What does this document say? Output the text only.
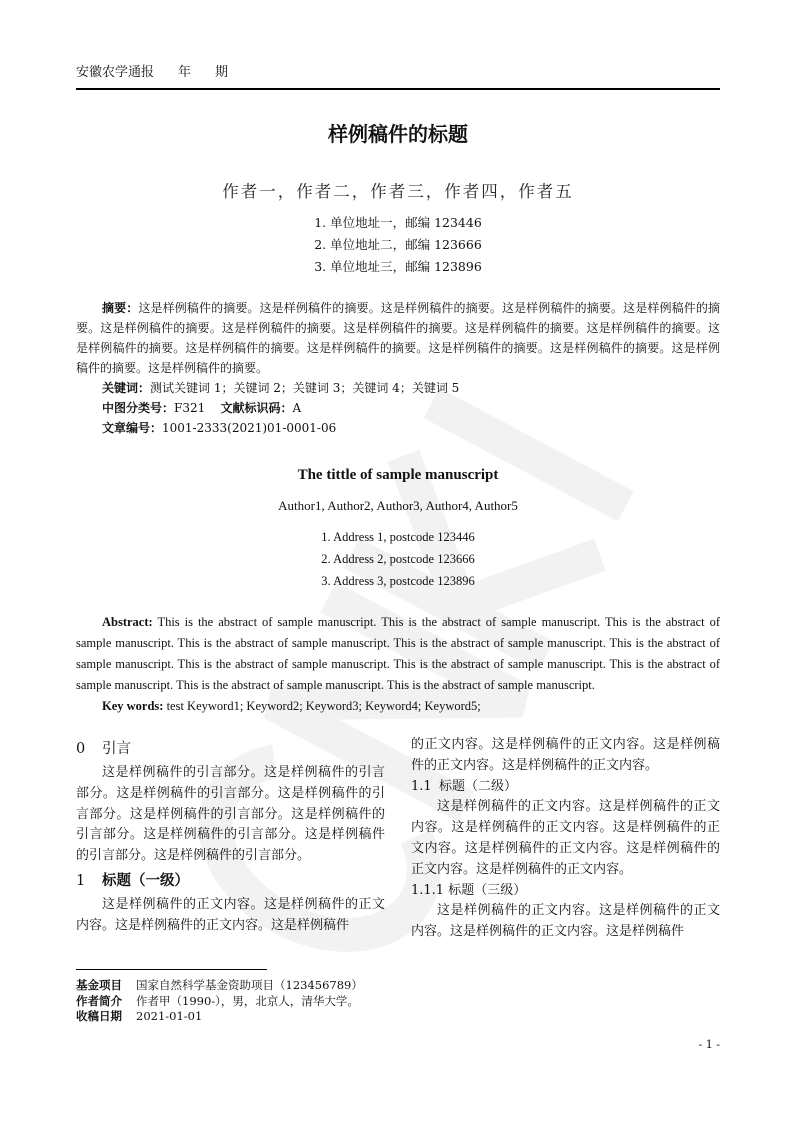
安徽农学通报 年 期
样例稿件的标题
作者一，作者二，作者三，作者四，作者五
1. 单位地址一，邮编 123446
2. 单位地址二，邮编 123666
3. 单位地址三，邮编 123896

摘要：这是样例稿件的摘要。这是样例稿件的摘要。这是样例稿件的摘要。这是样例稿件的摘要。这是样例稿件的摘要。这是样例稿件的摘要。这是样例稿件的摘要。这是样例稿件的摘要。这是样例稿件的摘要。这是样例稿件的摘要。这是样例稿件的摘要。这是样例稿件的摘要。这是样例稿件的摘要。这是样例稿件的摘要。这是样例稿件的摘要。这是样例稿件的摘要。这是样例稿件的摘要。

关键词：测试关键词 1；关键词 2；关键词 3；关键词 4；关键词 5

中图分类号：F321 文献标识码：A

文章编号：1001-2333(2021)01-0001-06

The tittle of sample manuscript
Author1, Author2, Author3, Author4, Author5
1. Address 1, postcode 123446
2. Address 2, postcode 123666
3. Address 3, postcode 123896

Abstract: This is the abstract of sample manuscript. This is the abstract of sample manuscript. This is the abstract of sample manuscript. This is the abstract of sample manuscript. This is the abstract of sample manuscript. This is the abstract of sample manuscript. This is the abstract of sample manuscript. This is the abstract of sample manuscript. This is the abstract of sample manuscript. This is the abstract of sample manuscript. This is the abstract of sample manuscript.

Key words: test Keyword1; Keyword2; Keyword3; Keyword4; Keyword5;

0 引言

这是样例稿件的引言部分。这是样例稿件的引言部分。这是样例稿件的引言部分。这是样例稿件的引言部分。这是样例稿件的引言部分。这是样例稿件的引言部分。这是样例稿件的引言部分。这是样例稿件的引言部分。这是样例稿件的引言部分。

1 标题（一级）

这是样例稿件的正文内容。这是样例稿件的正文内容。这是样例稿件的正文内容。这是样例稿件

的正文内容。这是样例稿件的正文内容。这是样例稿件的正文内容。这是样例稿件的正文内容。

1.1 标题（二级）

这是样例稿件的正文内容。这是样例稿件的正文内容。这是样例稿件的正文内容。这是样例稿件的正文内容。这是样例稿件的正文内容。这是样例稿件的正文内容。这是样例稿件的正文内容。

1.1.1 标题（三级）

这是样例稿件的正文内容。这是样例稿件的正文内容。这是样例稿件的正文内容。这是样例稿件

基金项目 国家自然科学基金资助项目（123456789）
作者简介 作者甲（1990-），男，北京人，清华大学。
收稿日期 2021-01-01
- 1 -
